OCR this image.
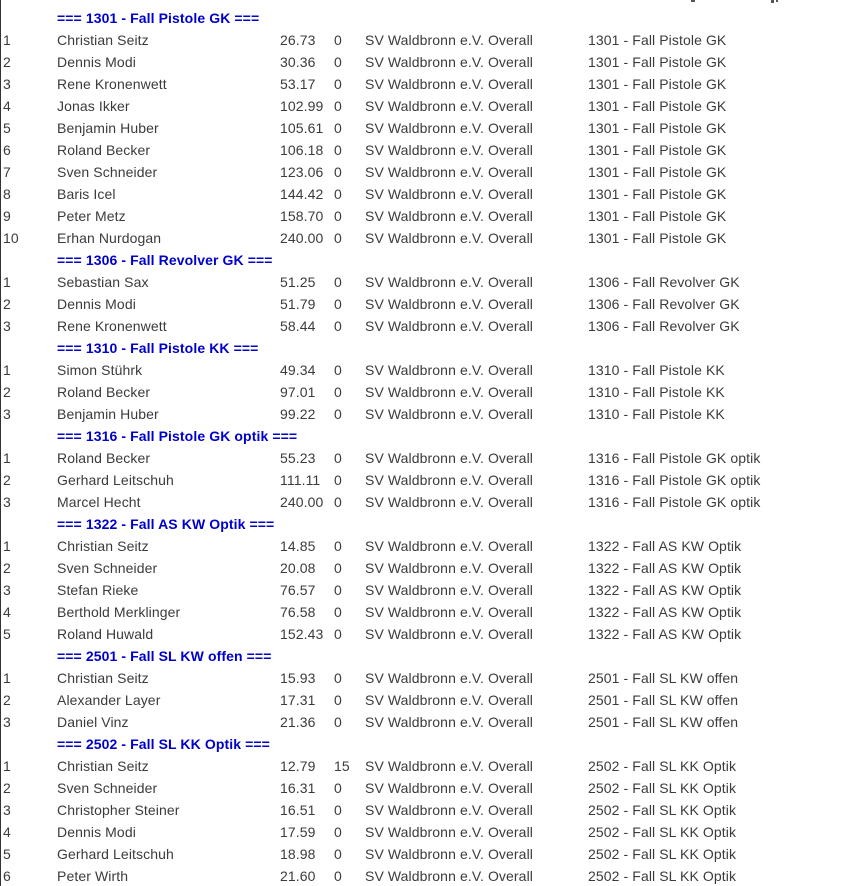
=== 1301 - Fall Pistole GK ===
1	Christian Seitz	26.73 0 SV Waldbronn e.V. Overall	1301 - Fall Pistole GK
2	Dennis Modi	30.36 0 SV Waldbronn e.V. Overall	1301 - Fall Pistole GK
3	Rene Kronenwett	53.17 0 SV Waldbronn e.V. Overall	1301 - Fall Pistole GK
4	Jonas Ikker	102.99 0 SV Waldbronn e.V. Overall	1301 - Fall Pistole GK
5	Benjamin Huber	105.61 0 SV Waldbronn e.V. Overall	1301 - Fall Pistole GK
6	Roland Becker	106.18 0 SV Waldbronn e.V. Overall	1301 - Fall Pistole GK
7	Sven Schneider	123.06 0 SV Waldbronn e.V. Overall	1301 - Fall Pistole GK
8	Baris Icel	144.42 0 SV Waldbronn e.V. Overall	1301 - Fall Pistole GK
9	Peter Metz	158.70 0 SV Waldbronn e.V. Overall	1301 - Fall Pistole GK
10	Erhan Nurdogan	240.00 0 SV Waldbronn e.V. Overall	1301 - Fall Pistole GK
=== 1306 - Fall Revolver GK ===
1	Sebastian Sax	51.25 0 SV Waldbronn e.V. Overall	1306 - Fall Revolver GK
2	Dennis Modi	51.79 0 SV Waldbronn e.V. Overall	1306 - Fall Revolver GK
3	Rene Kronenwett	58.44 0 SV Waldbronn e.V. Overall	1306 - Fall Revolver GK
=== 1310 - Fall Pistole KK ===
1	Simon Stührk	49.34 0 SV Waldbronn e.V. Overall	1310 - Fall Pistole KK
2	Roland Becker	97.01 0 SV Waldbronn e.V. Overall	1310 - Fall Pistole KK
3	Benjamin Huber	99.22 0 SV Waldbronn e.V. Overall	1310 - Fall Pistole KK
=== 1316 - Fall Pistole GK optik ===
1	Roland Becker	55.23 0 SV Waldbronn e.V. Overall	1316 - Fall Pistole GK optik
2	Gerhard Leitschuh	111.11 0 SV Waldbronn e.V. Overall	1316 - Fall Pistole GK optik
3	Marcel Hecht	240.00 0 SV Waldbronn e.V. Overall	1316 - Fall Pistole GK optik
=== 1322 - Fall AS KW Optik ===
1	Christian Seitz	14.85 0 SV Waldbronn e.V. Overall	1322 - Fall AS KW Optik
2	Sven Schneider	20.08 0 SV Waldbronn e.V. Overall	1322 - Fall AS KW Optik
3	Stefan Rieke	76.57 0 SV Waldbronn e.V. Overall	1322 - Fall AS KW Optik
4	Berthold Merklinger	76.58 0 SV Waldbronn e.V. Overall	1322 - Fall AS KW Optik
5	Roland Huwald	152.43 0 SV Waldbronn e.V. Overall	1322 - Fall AS KW Optik
=== 2501 - Fall SL KW offen ===
1	Christian Seitz	15.93 0 SV Waldbronn e.V. Overall	2501 - Fall SL KW offen
2	Alexander Layer	17.31 0 SV Waldbronn e.V. Overall	2501 - Fall SL KW offen
3	Daniel Vinz	21.36 0 SV Waldbronn e.V. Overall	2501 - Fall SL KW offen
=== 2502 - Fall SL KK Optik ===
1	Christian Seitz	12.79 15 SV Waldbronn e.V. Overall	2502 - Fall SL KK Optik
2	Sven Schneider	16.31 0 SV Waldbronn e.V. Overall	2502 - Fall SL KK Optik
3	Christopher Steiner	16.51 0 SV Waldbronn e.V. Overall	2502 - Fall SL KK Optik
4	Dennis Modi	17.59 0 SV Waldbronn e.V. Overall	2502 - Fall SL KK Optik
5	Gerhard Leitschuh	18.98 0 SV Waldbronn e.V. Overall	2502 - Fall SL KK Optik
6	Peter Wirth	21.60 0 SV Waldbronn e.V. Overall	2502 - Fall SL KK Optik
